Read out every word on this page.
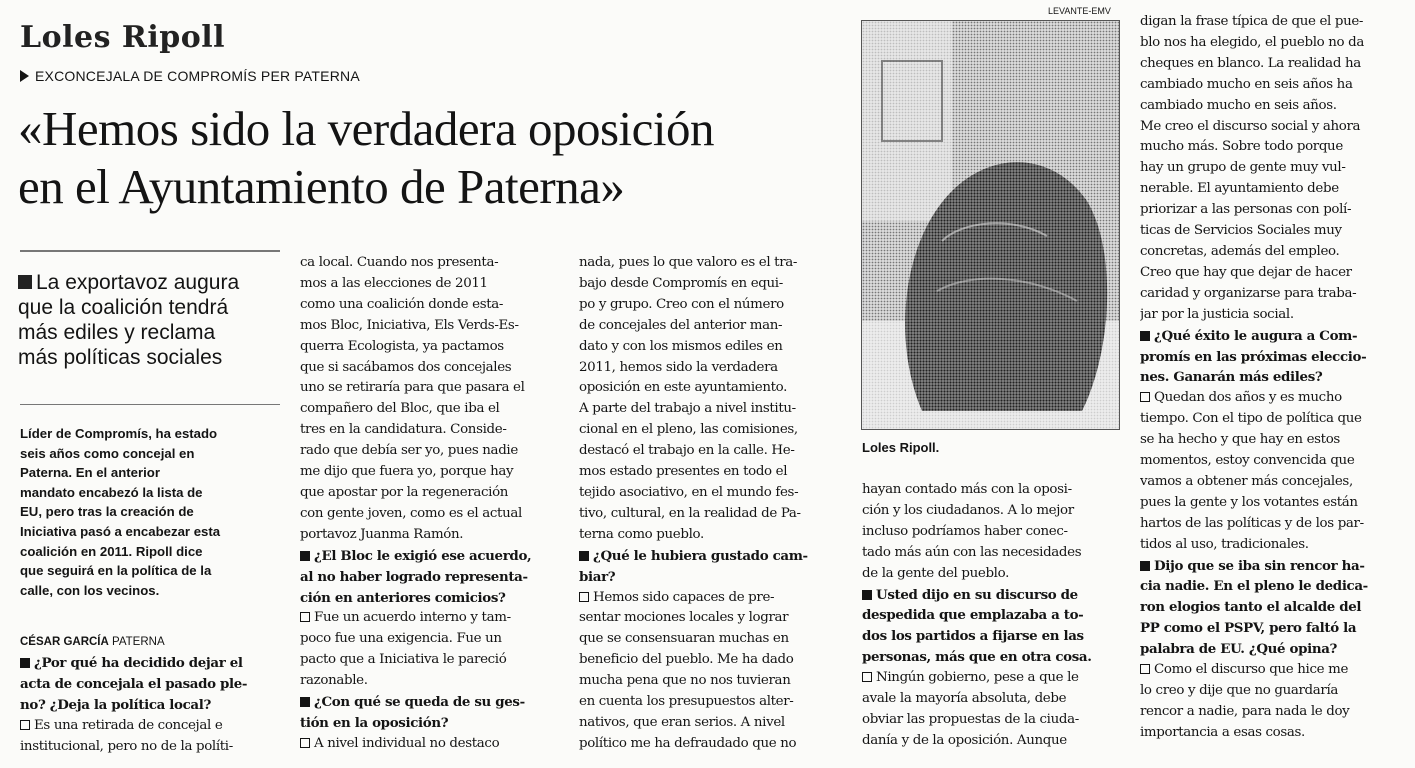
Loles Ripoll
EXCONCEJALA DE COMPROMÍS PER PATERNA
«Hemos sido la verdadera oposición
en el Ayuntamiento de Paterna»
La exportavoz augura
que la coalición tendrá
más ediles y reclama
más políticas sociales
Líder de Compromís, ha estado
seis años como concejal en
Paterna. En el anterior
mandato encabezó la lista de
EU, pero tras la creación de
Iniciativa pasó a encabezar esta
coalición en 2011. Ripoll dice
que seguirá en la política de la
calle, con los vecinos.
CÉSAR GARCÍA PATERNA
¿Por qué ha decidido dejar el
acta de concejala el pasado ple-
no? ¿Deja la política local?
Es una retirada de concejal e
institucional, pero no de la políti-
ca local. Cuando nos presenta-
mos a las elecciones de 2011
como una coalición donde esta-
mos Bloc, Iniciativa, Els Verds-Es-
querra Ecologista, ya pactamos
que si sacábamos dos concejales
uno se retiraría para que pasara el
compañero del Bloc, que iba el
tres en la candidatura. Conside-
rado que debía ser yo, pues nadie
me dijo que fuera yo, porque hay
que apostar por la regeneración
con gente joven, como es el actual
portavoz Juanma Ramón.
¿El Bloc le exigió ese acuerdo,
al no haber logrado representa-
ción en anteriores comicios?
Fue un acuerdo interno y tam-
poco fue una exigencia. Fue un
pacto que a Iniciativa le pareció
razonable.
¿Con qué se queda de su ges-
tión en la oposición?
A nivel individual no destaco
nada, pues lo que valoro es el tra-
bajo desde Compromís en equi-
po y grupo. Creo con el número
de concejales del anterior man-
dato y con los mismos ediles en
2011, hemos sido la verdadera
oposición en este ayuntamiento.
A parte del trabajo a nivel institu-
cional en el pleno, las comisiones,
destacó el trabajo en la calle. He-
mos estado presentes en todo el
tejido asociativo, en el mundo fes-
tivo, cultural, en la realidad de Pa-
terna como pueblo.
¿Qué le hubiera gustado cam-
biar?
Hemos sido capaces de pre-
sentar mociones locales y lograr
que se consensuaran muchas en
beneficio del pueblo. Me ha dado
mucha pena que no nos tuvieran
en cuenta los presupuestos alter-
nativos, que eran serios. A nivel
político me ha defraudado que no
hayan contado más con la oposi-
ción y los ciudadanos. A lo mejor
incluso podríamos haber conec-
tado más aún con las necesidades
de la gente del pueblo.
Usted dijo en su discurso de
despedida que emplazaba a to-
dos los partidos a fijarse en las
personas, más que en otra cosa.
Ningún gobierno, pese a que le
avale la mayoría absoluta, debe
obviar las propuestas de la ciuda-
danía y de la oposición. Aunque
digan la frase típica de que el pue-
blo nos ha elegido, el pueblo no da
cheques en blanco. La realidad ha
cambiado mucho en seis años ha
cambiado mucho en seis años.
Me creo el discurso social y ahora
mucho más. Sobre todo porque
hay un grupo de gente muy vul-
nerable. El ayuntamiento debe
priorizar a las personas con polí-
ticas de Servicios Sociales muy
concretas, además del empleo.
Creo que hay que dejar de hacer
caridad y organizarse para traba-
jar por la justicia social.
¿Qué éxito le augura a Com-
promís en las próximas eleccio-
nes. Ganarán más ediles?
Quedan dos años y es mucho
tiempo. Con el tipo de política que
se ha hecho y que hay en estos
momentos, estoy convencida que
vamos a obtener más concejales,
pues la gente y los votantes están
hartos de las políticas y de los par-
tidos al uso, tradicionales.
Dijo que se iba sin rencor ha-
cia nadie. En el pleno le dedica-
ron elogios tanto el alcalde del
PP como el PSPV, pero faltó la
palabra de EU. ¿Qué opina?
Como el discurso que hice me
lo creo y dije que no guardaría
rencor a nadie, para nada le doy
importancia a esas cosas.
LEVANTE-EMV
Loles Ripoll.
